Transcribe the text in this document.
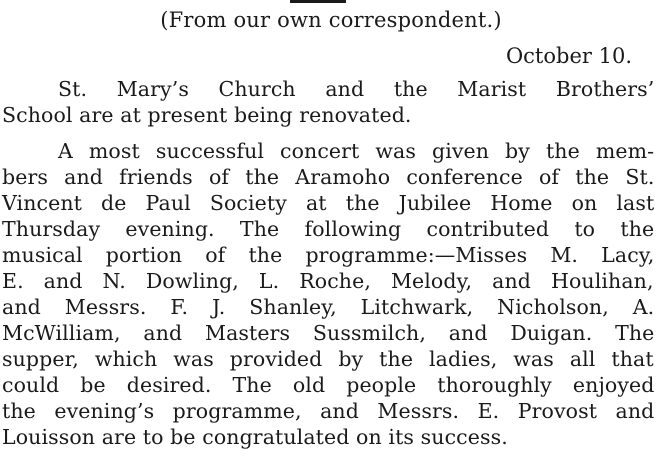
(From our own correspondent.)
October 10.
St. Mary’s Church and the Marist Brothers’
School are at present being renovated.
A most successful concert was given by the mem-
bers and friends of the Aramoho conference of the St.
Vincent de Paul Society at the Jubilee Home on last
Thursday evening. The following contributed to the
musical portion of the programme:—Misses M. Lacy,
E. and N. Dowling, L. Roche, Melody, and Houlihan,
and Messrs. F. J. Shanley, Litchwark, Nicholson, A.
McWilliam, and Masters Sussmilch, and Duigan. The
supper, which was provided by the ladies, was all that
could be desired. The old people thoroughly enjoyed
the evening’s programme, and Messrs. E. Provost and
Louisson are to be congratulated on its success.
